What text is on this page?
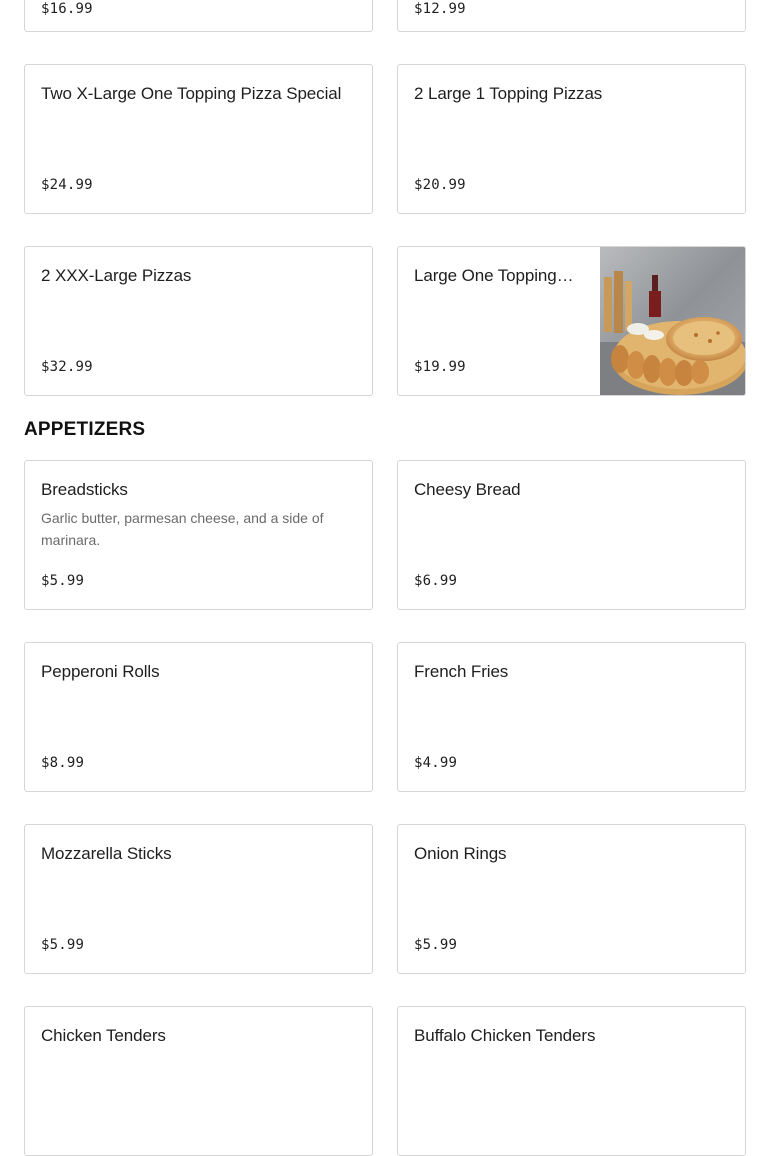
$16.99	$12.99
Two X-Large One Topping Pizza Special
$24.99
2 Large 1 Topping Pizzas
$20.99
2 XXX-Large Pizzas
$32.99
Large One Topping…
$19.99
APPETIZERS
Breadsticks
Garlic butter, parmesan cheese, and a side of marinara.
$5.99
Cheesy Bread
$6.99
Pepperoni Rolls
$8.99
French Fries
$4.99
Mozzarella Sticks
$5.99
Onion Rings
$5.99
Chicken Tenders	Buffalo Chicken Tenders
